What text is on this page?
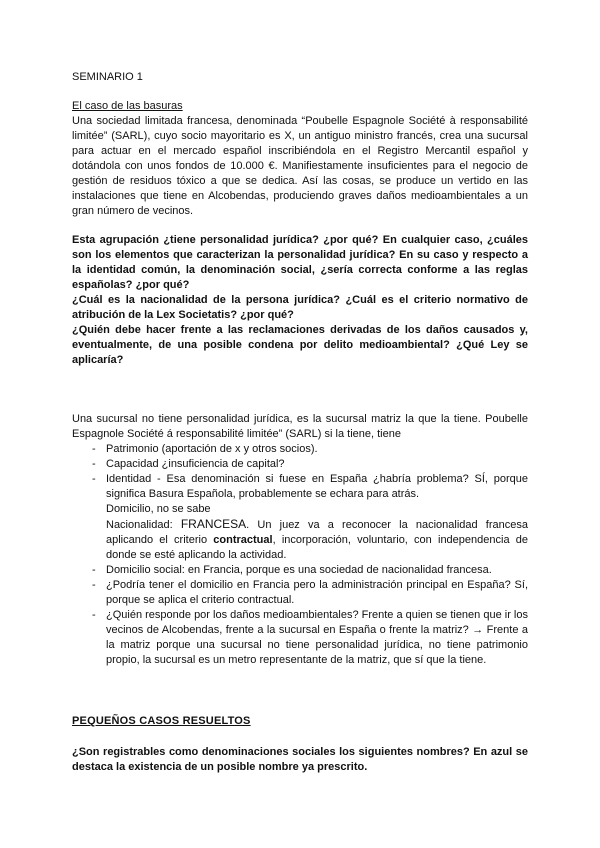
SEMINARIO 1

El caso de las basuras

Una sociedad limitada francesa, denominada “Poubelle Espagnole Société à responsabilité limitée” (SARL), cuyo socio mayoritario es X, un antiguo ministro francés, crea una sucursal para actuar en el mercado español inscribiéndola en el Registro Mercantil español y dotándola con unos fondos de 10.000 €. Manifiestamente insuficientes para el negocio de gestión de residuos tóxico a que se dedica. Así las cosas, se produce un vertido en las instalaciones que tiene en Alcobendas, produciendo graves daños medioambientales a un gran número de vecinos.

Esta agrupación ¿tiene personalidad jurídica? ¿por qué? En cualquier caso, ¿cuáles son los elementos que caracterizan la personalidad jurídica? En su caso y respecto a la identidad común, la denominación social, ¿sería correcta conforme a las reglas españolas? ¿por qué?

¿Cuál es la nacionalidad de la persona jurídica? ¿Cuál es el criterio normativo de atribución de la Lex Societatis? ¿por qué?

¿Quién debe hacer frente a las reclamaciones derivadas de los daños causados y, eventualmente, de una posible condena por delito medioambiental? ¿Qué Ley se aplicaría?

Una sucursal no tiene personalidad jurídica, es la sucursal matriz la que la tiene. Poubelle Espagnole Société á responsabilité limitée” (SARL) si la tiene, tiene

- Patrimonio (aportación de x y otros socios).
- Capacidad ¿insuficiencia de capital?

- Identidad - Esa denominación si fuese en España ¿habría problema? SÍ, porque significa Basura Española, probablemente se echara para atrás.

Domicilio, no se sabe

Nacionalidad: FRANCESA. Un juez va a reconocer la nacionalidad francesa aplicando el criterio contractual, incorporación, voluntario, con independencia de donde se esté aplicando la actividad.

- Domicilio social: en Francia, porque es una sociedad de nacionalidad francesa.
- ¿Podría tener el domicilio en Francia pero la administración principal en España? Sí, porque se aplica el criterio contractual.
- ¿Quién responde por los daños medioambientales? Frente a quien se tienen que ir los vecinos de Alcobendas, frente a la sucursal en España o frente la matriz? → Frente a la matriz porque una sucursal no tiene personalidad jurídica, no tiene patrimonio propio, la sucursal es un metro representante de la matriz, que sí que la tiene.

PEQUEÑOS CASOS RESUELTOS

¿Son registrables como denominaciones sociales los siguientes nombres? En azul se destaca la existencia de un posible nombre ya prescrito.
